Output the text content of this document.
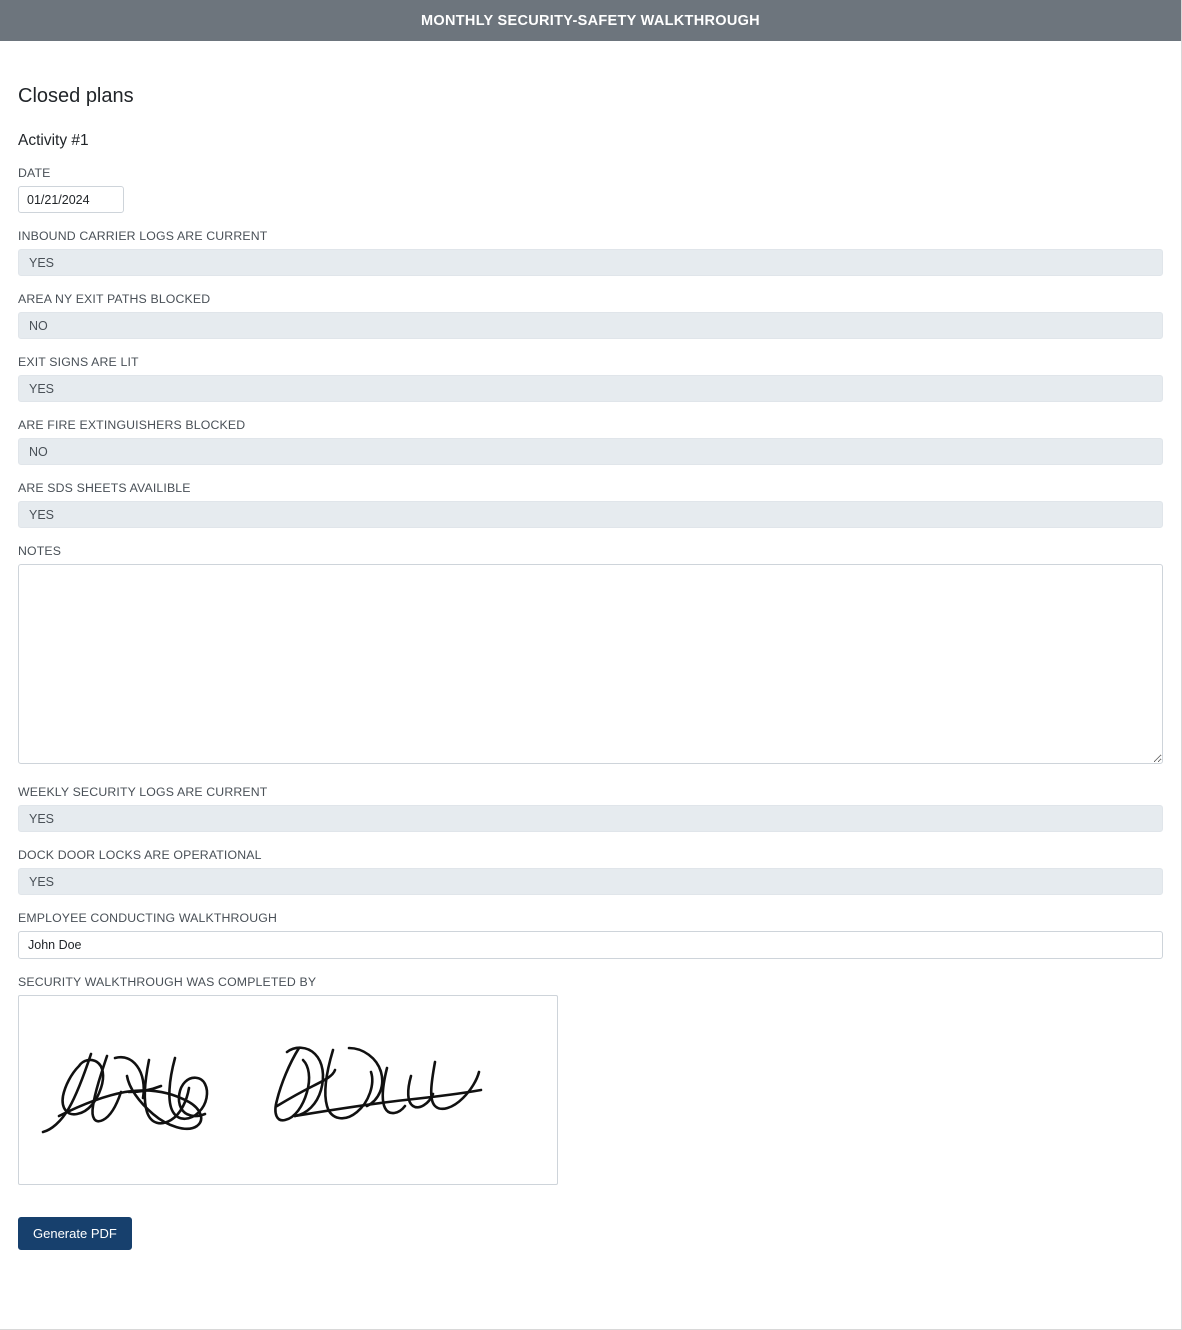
MONTHLY SECURITY-SAFETY WALKTHROUGH
Closed plans
Activity #1
DATE
01/21/2024
INBOUND CARRIER LOGS ARE CURRENT
YES
AREA NY EXIT PATHS BLOCKED
NO
EXIT SIGNS ARE LIT
YES
ARE FIRE EXTINGUISHERS BLOCKED
NO
ARE SDS SHEETS AVAILIBLE
YES
NOTES
WEEKLY SECURITY LOGS ARE CURRENT
YES
DOCK DOOR LOCKS ARE OPERATIONAL
YES
EMPLOYEE CONDUCTING WALKTHROUGH
John Doe
SECURITY WALKTHROUGH WAS COMPLETED BY
Generate PDF
